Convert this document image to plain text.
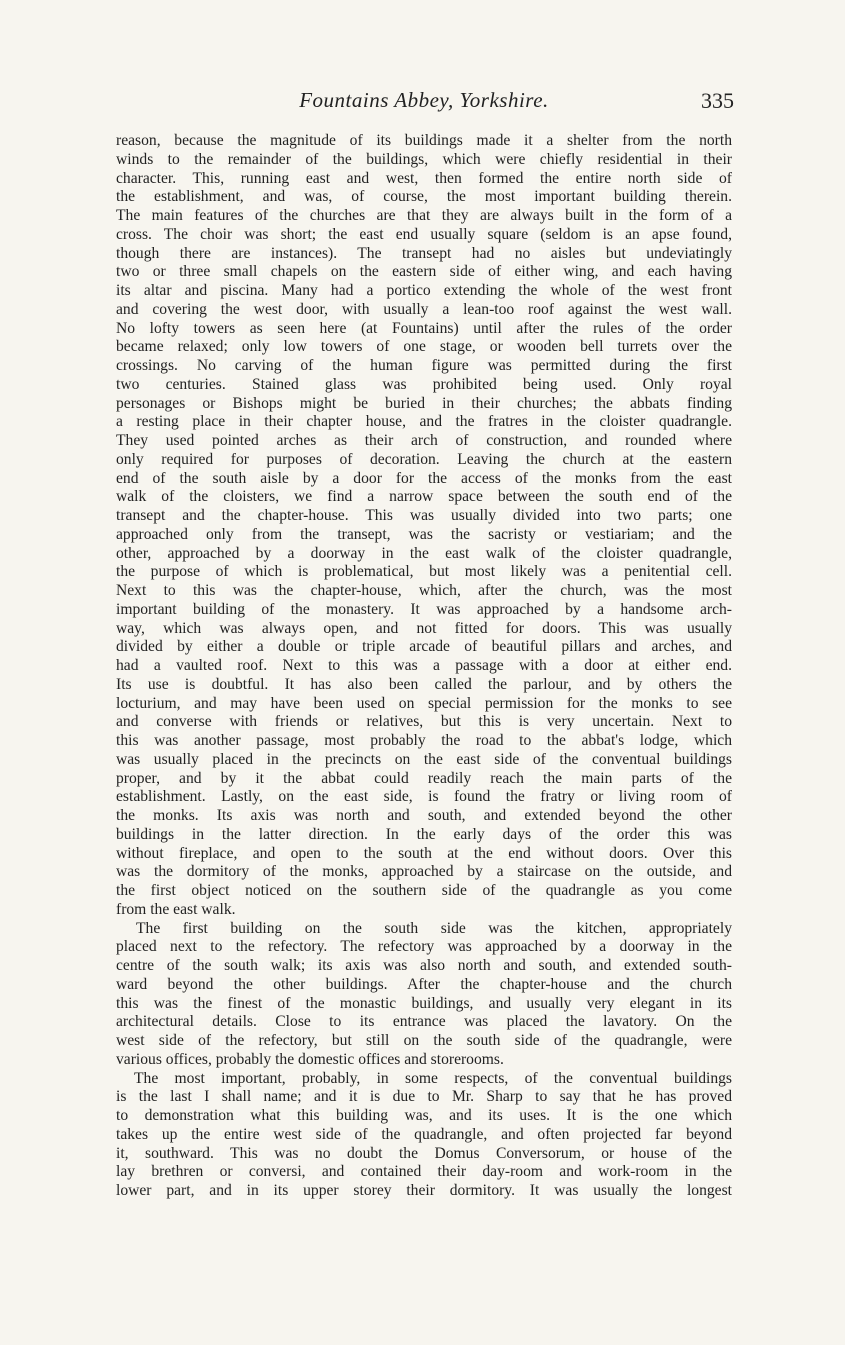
Fountains Abbey, Yorkshire.	335
reason, because the magnitude of its buildings made it a shelter from the north
winds to the remainder of the buildings, which were chiefly residential in their
character. This, running east and west, then formed the entire north side of
the establishment, and was, of course, the most important building therein.
The main features of the churches are that they are always built in the form of a
cross. The choir was short; the east end usually square (seldom is an apse found,
though there are instances). The transept had no aisles but undeviatingly
two or three small chapels on the eastern side of either wing, and each having
its altar and piscina. Many had a portico extending the whole of the west front
and covering the west door, with usually a lean-too roof against the west wall.
No lofty towers as seen here (at Fountains) until after the rules of the order
became relaxed; only low towers of one stage, or wooden bell turrets over the
crossings. No carving of the human figure was permitted during the first
two centuries. Stained glass was prohibited being used. Only royal
personages or Bishops might be buried in their churches; the abbats finding
a resting place in their chapter house, and the fratres in the cloister quadrangle.
They used pointed arches as their arch of construction, and rounded where
only required for purposes of decoration. Leaving the church at the eastern
end of the south aisle by a door for the access of the monks from the east
walk of the cloisters, we find a narrow space between the south end of the
transept and the chapter-house. This was usually divided into two parts; one
approached only from the transept, was the sacristy or vestiariam; and the
other, approached by a doorway in the east walk of the cloister quadrangle,
the purpose of which is problematical, but most likely was a penitential cell.
Next to this was the chapter-house, which, after the church, was the most
important building of the monastery. It was approached by a handsome arch-
way, which was always open, and not fitted for doors. This was usually
divided by either a double or triple arcade of beautiful pillars and arches, and
had a vaulted roof. Next to this was a passage with a door at either end.
Its use is doubtful. It has also been called the parlour, and by others the
locturium, and may have been used on special permission for the monks to see
and converse with friends or relatives, but this is very uncertain. Next to
this was another passage, most probably the road to the abbat's lodge, which
was usually placed in the precincts on the east side of the conventual buildings
proper, and by it the abbat could readily reach the main parts of the
establishment. Lastly, on the east side, is found the fratry or living room of
the monks. Its axis was north and south, and extended beyond the other
buildings in the latter direction. In the early days of the order this was
without fireplace, and open to the south at the end without doors. Over this
was the dormitory of the monks, approached by a staircase on the outside, and
the first object noticed on the southern side of the quadrangle as you come
from the east walk.
The first building on the south side was the kitchen, appropriately
placed next to the refectory. The refectory was approached by a doorway in the
centre of the south walk; its axis was also north and south, and extended south-
ward beyond the other buildings. After the chapter-house and the church
this was the finest of the monastic buildings, and usually very elegant in its
architectural details. Close to its entrance was placed the lavatory. On the
west side of the refectory, but still on the south side of the quadrangle, were
various offices, probably the domestic offices and storerooms.
The most important, probably, in some respects, of the conventual buildings
is the last I shall name; and it is due to Mr. Sharp to say that he has proved
to demonstration what this building was, and its uses. It is the one which
takes up the entire west side of the quadrangle, and often projected far beyond
it, southward. This was no doubt the Domus Conversorum, or house of the
lay brethren or conversi, and contained their day-room and work-room in the
lower part, and in its upper storey their dormitory. It was usually the longest
